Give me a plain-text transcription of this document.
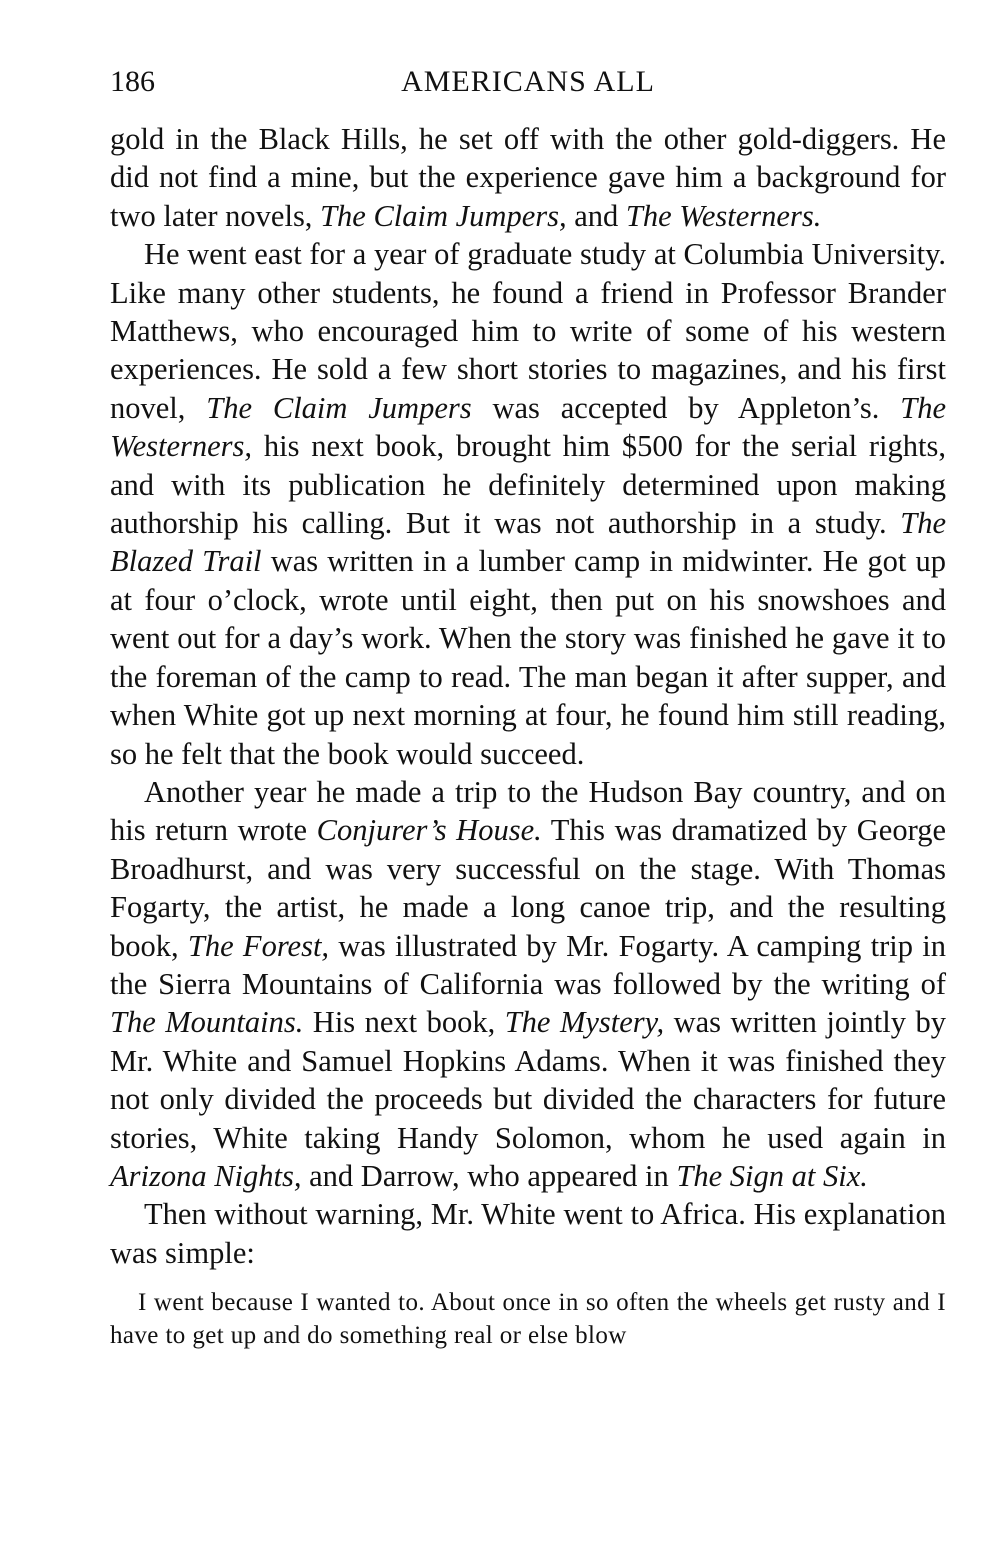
186	AMERICANS ALL

gold in the Black Hills, he set off with the other gold-diggers. He did not find a mine, but the experience gave him a background for two later novels, The Claim Jumpers, and The Westerners.

He went east for a year of graduate study at Columbia University. Like many other students, he found a friend in Professor Brander Matthews, who encouraged him to write of some of his western experiences. He sold a few short stories to magazines, and his first novel, The Claim Jumpers was accepted by Appleton’s. The Westerners, his next book, brought him $500 for the serial rights, and with its publication he definitely determined upon making authorship his calling. But it was not authorship in a study. The Blazed Trail was written in a lumber camp in midwinter. He got up at four o’clock, wrote until eight, then put on his snowshoes and went out for a day’s work. When the story was finished he gave it to the foreman of the camp to read. The man began it after supper, and when White got up next morning at four, he found him still reading, so he felt that the book would succeed.

Another year he made a trip to the Hudson Bay country, and on his return wrote Conjurer’s House. This was dramatized by George Broadhurst, and was very successful on the stage. With Thomas Fogarty, the artist, he made a long canoe trip, and the resulting book, The Forest, was illustrated by Mr. Fogarty. A camping trip in the Sierra Mountains of California was followed by the writing of The Mountains. His next book, The Mystery, was written jointly by Mr. White and Samuel Hopkins Adams. When it was finished they not only divided the proceeds but divided the characters for future stories, White taking Handy Solomon, whom he used again in Arizona Nights, and Darrow, who appeared in The Sign at Six.

Then without warning, Mr. White went to Africa. His explanation was simple:

I went because I wanted to. About once in so often the wheels get rusty and I have to get up and do something real or else blow
